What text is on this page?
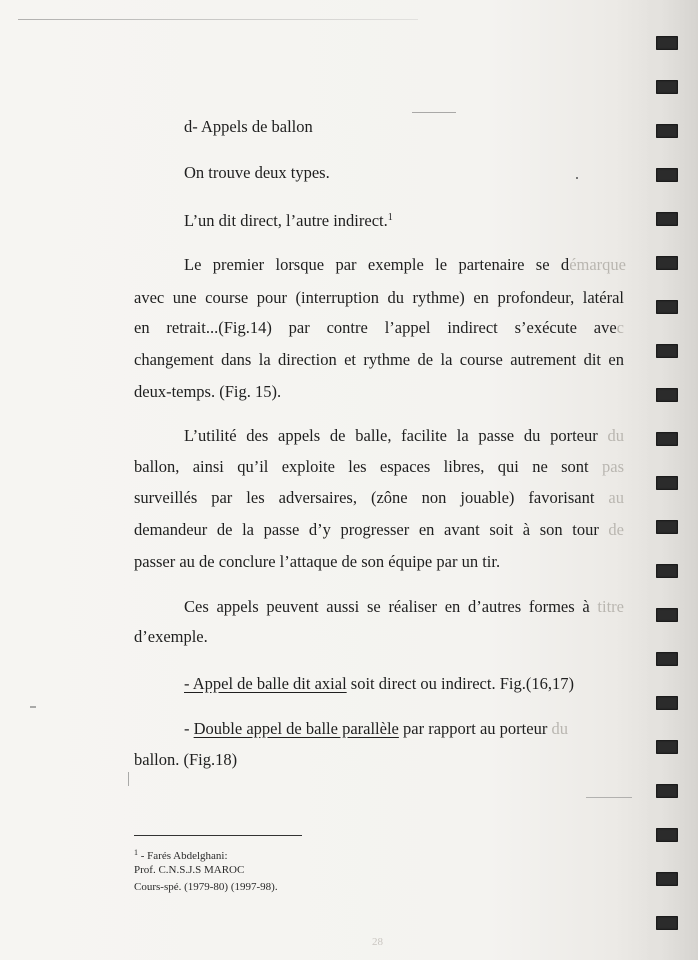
d- Appels de ballon

On trouve deux types.

L’un dit direct, l’autre indirect.$^1$

Le premier lorsque par exemple le partenaire se démarque

avec une course pour (interruption du rythme) en profondeur, latéral

en retrait...(Fig.14) par contre l’appel indirect s’exécute avec

changement dans la direction et rythme de la course autrement dit en

deux-temps. (Fig. 15).

L’utilité des appels de balle, facilite la passe du porteur du

ballon, ainsi qu’il exploite les espaces libres, qui ne sont pas

surveillés par les adversaires, (zône non jouable) favorisant au

demandeur de la passe d’y progresser en avant soit à son tour de

passer au de conclure l’attaque de son équipe par un tir.

Ces appels peuvent aussi se réaliser en d’autres formes à titre

d’exemple.

- Appel de balle dit axial soit direct ou indirect. Fig.(16,17)

- Double appel de balle parallèle par rapport au porteur du

ballon. (Fig.18)

$^1$ - Farés Abdelghani:

Prof. C.N.S.J.S MAROC

Cours-spé. (1979-80) (1997-98).

28
